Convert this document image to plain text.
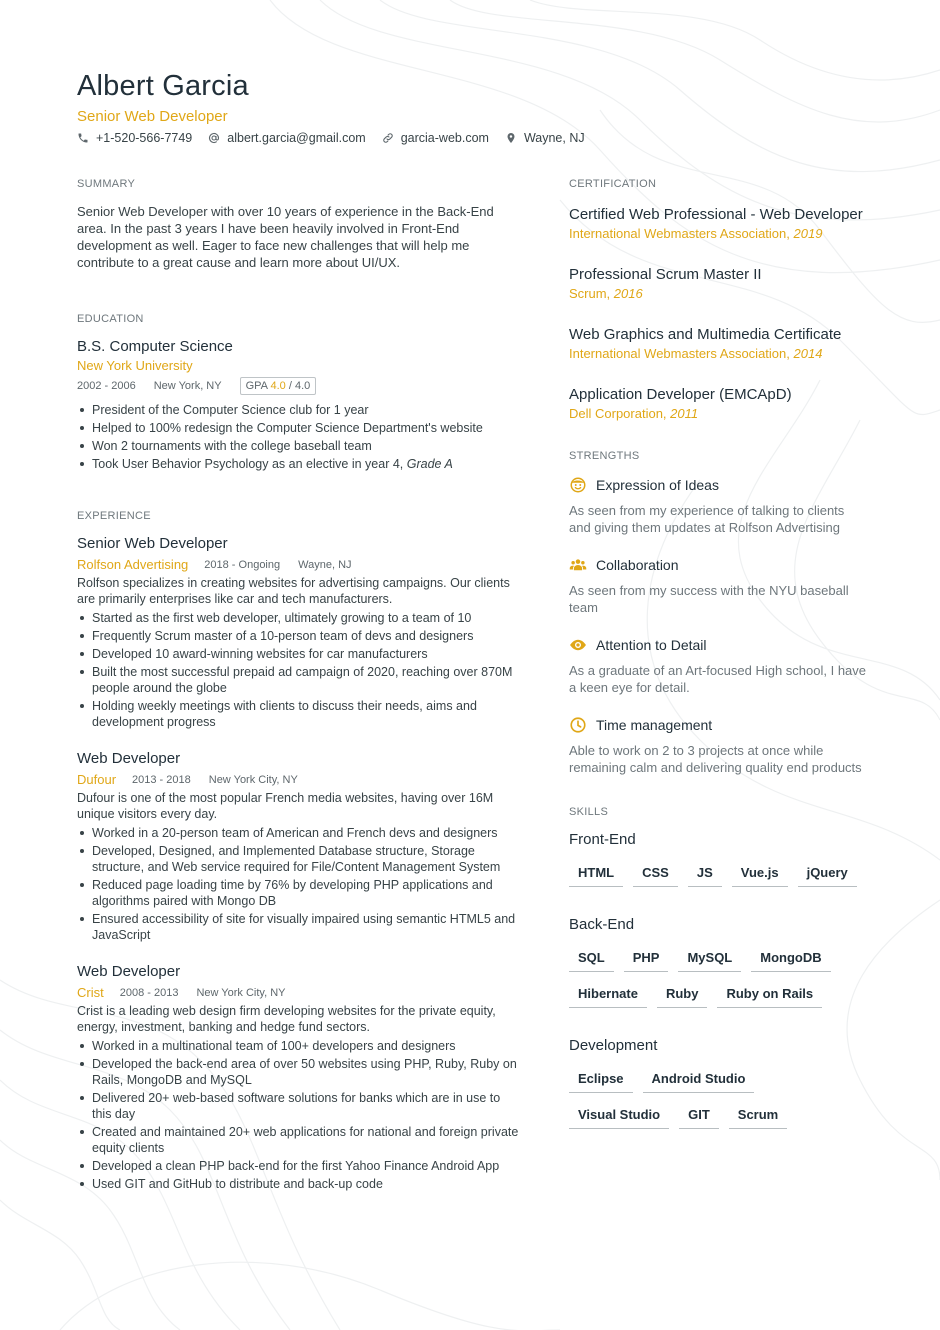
Albert Garcia
Senior Web Developer
+1-520-566-7749	albert.garcia@gmail.com	garcia-web.com	Wayne, NJ
SUMMARY
Senior Web Developer with over 10 years of experience in the Back-End area. In the past 3 years I have been heavily involved in Front-End development as well. Eager to face new challenges that will help me contribute to a great cause and learn more about UI/UX.
EDUCATION
B.S. Computer Science
New York University
2002 - 2006 New York, NY	GPA 4.0 / 4.0
President of the Computer Science club for 1 year
Helped to 100% redesign the Computer Science Department's website
Won 2 tournaments with the college baseball team
Took User Behavior Psychology as an elective in year 4, Grade A
EXPERIENCE
Senior Web Developer
Rolfson Advertising 2018 - Ongoing Wayne, NJ
Rolfson specializes in creating websites for advertising campaigns. Our clients are primarily enterprises like car and tech manufacturers.
Started as the first web developer, ultimately growing to a team of 10
Frequently Scrum master of a 10-person team of devs and designers
Developed 10 award-winning websites for car manufacturers
Built the most successful prepaid ad campaign of 2020, reaching over 870M people around the globe
Holding weekly meetings with clients to discuss their needs, aims and development progress
Web Developer
Dufour 2013 - 2018 New York City, NY
Dufour is one of the most popular French media websites, having over 16M unique visitors every day.
Worked in a 20-person team of American and French devs and designers
Developed, Designed, and Implemented Database structure, Storage structure, and Web service required for File/Content Management System
Reduced page loading time by 76% by developing PHP applications and algorithms paired with Mongo DB
Ensured accessibility of site for visually impaired using semantic HTML5 and JavaScript
Web Developer
Crist 2008 - 2013 New York City, NY
Crist is a leading web design firm developing websites for the private equity, energy, investment, banking and hedge fund sectors.
Worked in a multinational team of 100+ developers and designers
Developed the back-end area of over 50 websites using PHP, Ruby, Ruby on Rails, MongoDB and MySQL
Delivered 20+ web-based software solutions for banks which are in use to this day
Created and maintained 20+ web applications for national and foreign private equity clients
Developed a clean PHP back-end for the first Yahoo Finance Android App
Used GIT and GitHub to distribute and back-up code
CERTIFICATION
Certified Web Professional - Web Developer
International Webmasters Association, 2019
Professional Scrum Master II
Scrum, 2016
Web Graphics and Multimedia Certificate
International Webmasters Association, 2014
Application Developer (EMCApD)
Dell Corporation, 2011
STRENGTHS
Expression of Ideas
As seen from my experience of talking to clients and giving them updates at Rolfson Advertising
Collaboration
As seen from my success with the NYU baseball team
Attention to Detail
As a graduate of an Art-focused High school, I have a keen eye for detail.
Time management
Able to work on 2 to 3 projects at once while remaining calm and delivering quality end products
SKILLS
Front-End
HTML	CSS	JS	Vue.js	jQuery
Back-End
SQL	PHP	MySQL	MongoDB
Hibernate	Ruby	Ruby on Rails
Development
Eclipse	Android Studio
Visual Studio	GIT	Scrum
